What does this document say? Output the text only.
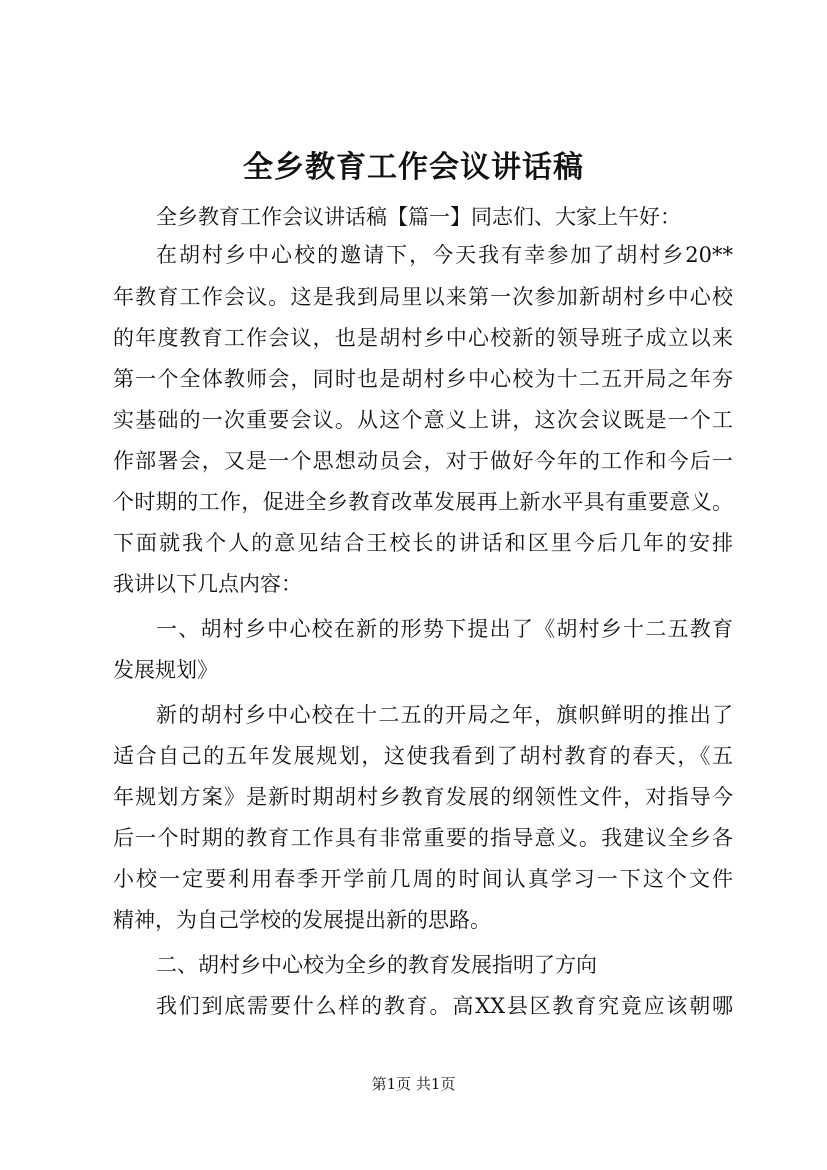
全乡教育工作会议讲话稿

全乡教育工作会议讲话稿【篇一】同志们、大家上午好：

在胡村乡中心校的邀请下，今天我有幸参加了胡村乡20**

年教育工作会议。这是我到局里以来第一次参加新胡村乡中心校

的年度教育工作会议，也是胡村乡中心校新的领导班子成立以来

第一个全体教师会，同时也是胡村乡中心校为十二五开局之年夯

实基础的一次重要会议。从这个意义上讲，这次会议既是一个工

作部署会，又是一个思想动员会，对于做好今年的工作和今后一

个时期的工作，促进全乡教育改革发展再上新水平具有重要意义。

下面就我个人的意见结合王校长的讲话和区里今后几年的安排

我讲以下几点内容：

一、胡村乡中心校在新的形势下提出了《胡村乡十二五教育

发展规划》

新的胡村乡中心校在十二五的开局之年，旗帜鲜明的推出了

适合自己的五年发展规划，这使我看到了胡村教育的春天，《五

年规划方案》是新时期胡村乡教育发展的纲领性文件，对指导今

后一个时期的教育工作具有非常重要的指导意义。我建议全乡各

小校一定要利用春季开学前几周的时间认真学习一下这个文件

精神，为自己学校的发展提出新的思路。

二、胡村乡中心校为全乡的教育发展指明了方向

我们到底需要什么样的教育。高XX县区教育究竟应该朝哪

第1页 共1页
